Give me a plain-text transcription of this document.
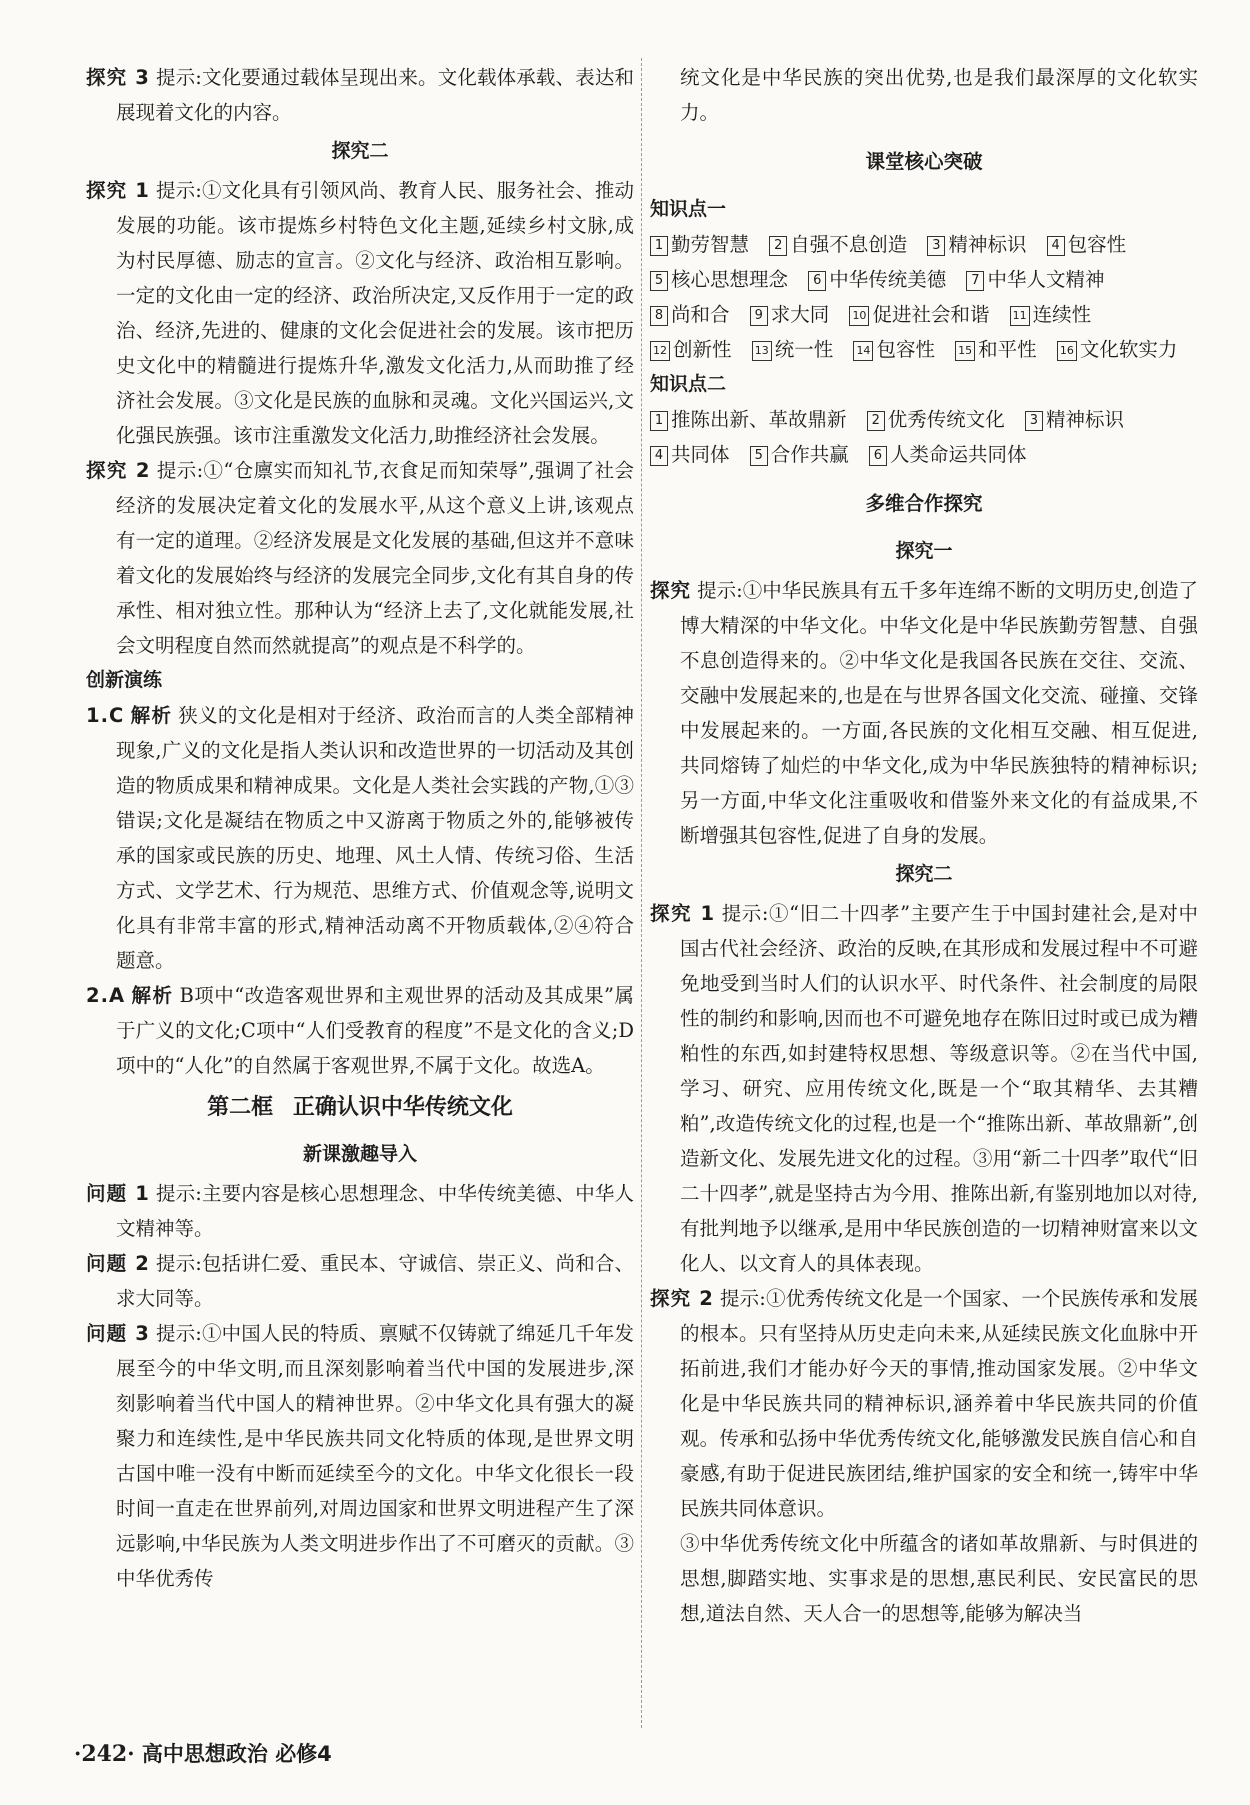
探究 3 提示:文化要通过载体呈现出来。文化载体承载、表达和展现着文化的内容。

探究二

探究 1 提示:①文化具有引领风尚、教育人民、服务社会、推动发展的功能。该市提炼乡村特色文化主题,延续乡村文脉,成为村民厚德、励志的宣言。②文化与经济、政治相互影响。一定的文化由一定的经济、政治所决定,又反作用于一定的政治、经济,先进的、健康的文化会促进社会的发展。该市把历史文化中的精髓进行提炼升华,激发文化活力,从而助推了经济社会发展。③文化是民族的血脉和灵魂。文化兴国运兴,文化强民族强。该市注重激发文化活力,助推经济社会发展。

探究 2 提示:①“仓廪实而知礼节,衣食足而知荣辱”,强调了社会经济的发展决定着文化的发展水平,从这个意义上讲,该观点有一定的道理。②经济发展是文化发展的基础,但这并不意味着文化的发展始终与经济的发展完全同步,文化有其自身的传承性、相对独立性。那种认为“经济上去了,文化就能发展,社会文明程度自然而然就提高”的观点是不科学的。

创新演练

1.C 解析 狭义的文化是相对于经济、政治而言的人类全部精神现象,广义的文化是指人类认识和改造世界的一切活动及其创造的物质成果和精神成果。文化是人类社会实践的产物,①③错误;文化是凝结在物质之中又游离于物质之外的,能够被传承的国家或民族的历史、地理、风土人情、传统习俗、生活方式、文学艺术、行为规范、思维方式、价值观念等,说明文化具有非常丰富的形式,精神活动离不开物质载体,②④符合题意。

2.A 解析 B项中“改造客观世界和主观世界的活动及其成果”属于广义的文化;C项中“人们受教育的程度”不是文化的含义;D项中的“人化”的自然属于客观世界,不属于文化。故选A。

第二框 正确认识中华传统文化
新课激趣导入

问题 1 提示:主要内容是核心思想理念、中华传统美德、中华人文精神等。

问题 2 提示:包括讲仁爱、重民本、守诚信、崇正义、尚和合、求大同等。

问题 3 提示:①中国人民的特质、禀赋不仅铸就了绵延几千年发展至今的中华文明,而且深刻影响着当代中国的发展进步,深刻影响着当代中国人的精神世界。②中华文化具有强大的凝聚力和连续性,是中华民族共同文化特质的体现,是世界文明古国中唯一没有中断而延续至今的文化。中华文化很长一段时间一直走在世界前列,对周边国家和世界文明进程产生了深远影响,中华民族为人类文明进步作出了不可磨灭的贡献。③中华优秀传

统文化是中华民族的突出优势,也是我们最深厚的文化软实力。

课堂核心突破
知识点一
1 勤劳智慧 2 自强不息创造 3 精神标识 4 包容性 5 核心思想理念 6 中华传统美德 7 中华人文精神 8 尚和合 9 求大同 10 促进社会和谐 11 连续性 12 创新性 13 统一性 14 包容性 15 和平性 16 文化软实力
知识点二
1 推陈出新、革故鼎新 2 优秀传统文化 3 精神标识 4 共同体 5 合作共赢 6 人类命运共同体
多维合作探究
探究一

探究 提示:①中华民族具有五千多年连绵不断的文明历史,创造了博大精深的中华文化。中华文化是中华民族勤劳智慧、自强不息创造得来的。②中华文化是我国各民族在交往、交流、交融中发展起来的,也是在与世界各国文化交流、碰撞、交锋中发展起来的。一方面,各民族的文化相互交融、相互促进,共同熔铸了灿烂的中华文化,成为中华民族独特的精神标识;另一方面,中华文化注重吸收和借鉴外来文化的有益成果,不断增强其包容性,促进了自身的发展。

探究二

探究 1 提示:①“旧二十四孝”主要产生于中国封建社会,是对中国古代社会经济、政治的反映,在其形成和发展过程中不可避免地受到当时人们的认识水平、时代条件、社会制度的局限性的制约和影响,因而也不可避免地存在陈旧过时或已成为糟粕性的东西,如封建特权思想、等级意识等。②在当代中国,学习、研究、应用传统文化,既是一个“取其精华、去其糟粕”,改造传统文化的过程,也是一个“推陈出新、革故鼎新”,创造新文化、发展先进文化的过程。③用“新二十四孝”取代“旧二十四孝”,就是坚持古为今用、推陈出新,有鉴别地加以对待,有批判地予以继承,是用中华民族创造的一切精神财富来以文化人、以文育人的具体表现。

探究 2 提示:①优秀传统文化是一个国家、一个民族传承和发展的根本。只有坚持从历史走向未来,从延续民族文化血脉中开拓前进,我们才能办好今天的事情,推动国家发展。②中华文化是中华民族共同的精神标识,涵养着中华民族共同的价值观。传承和弘扬中华优秀传统文化,能够激发民族自信心和自豪感,有助于促进民族团结,维护国家的安全和统一,铸牢中华民族共同体意识。

③中华优秀传统文化中所蕴含的诸如革故鼎新、与时俱进的思想,脚踏实地、实事求是的思想,惠民利民、安民富民的思想,道法自然、天人合一的思想等,能够为解决当

·242· 高中思想政治 必修4
